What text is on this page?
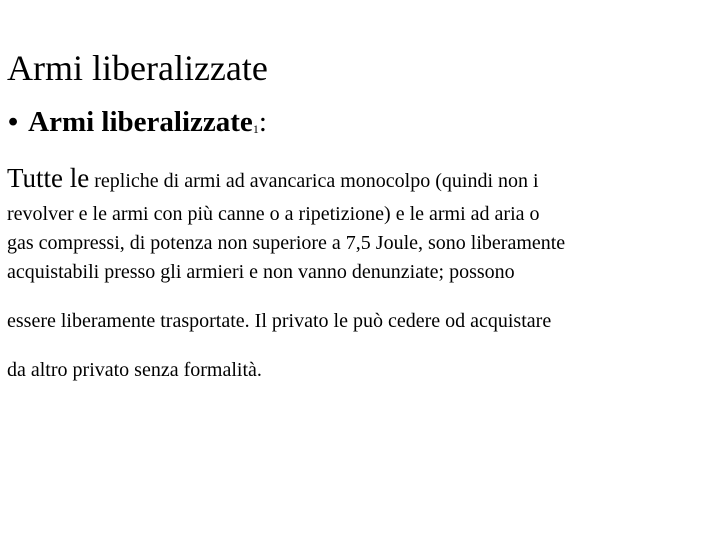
Armi liberalizzate
• Armi liberalizzate1:
Tutte le repliche di armi ad avancarica monocolpo (quindi non i
revolver e le armi con più canne o a ripetizione) e le armi ad aria o
gas compressi, di potenza non superiore a 7,5 Joule, sono liberamente
acquistabili presso gli armieri e non vanno denunziate; possono
essere liberamente trasportate. Il privato le può cedere od acquistare
da altro privato senza formalità.
